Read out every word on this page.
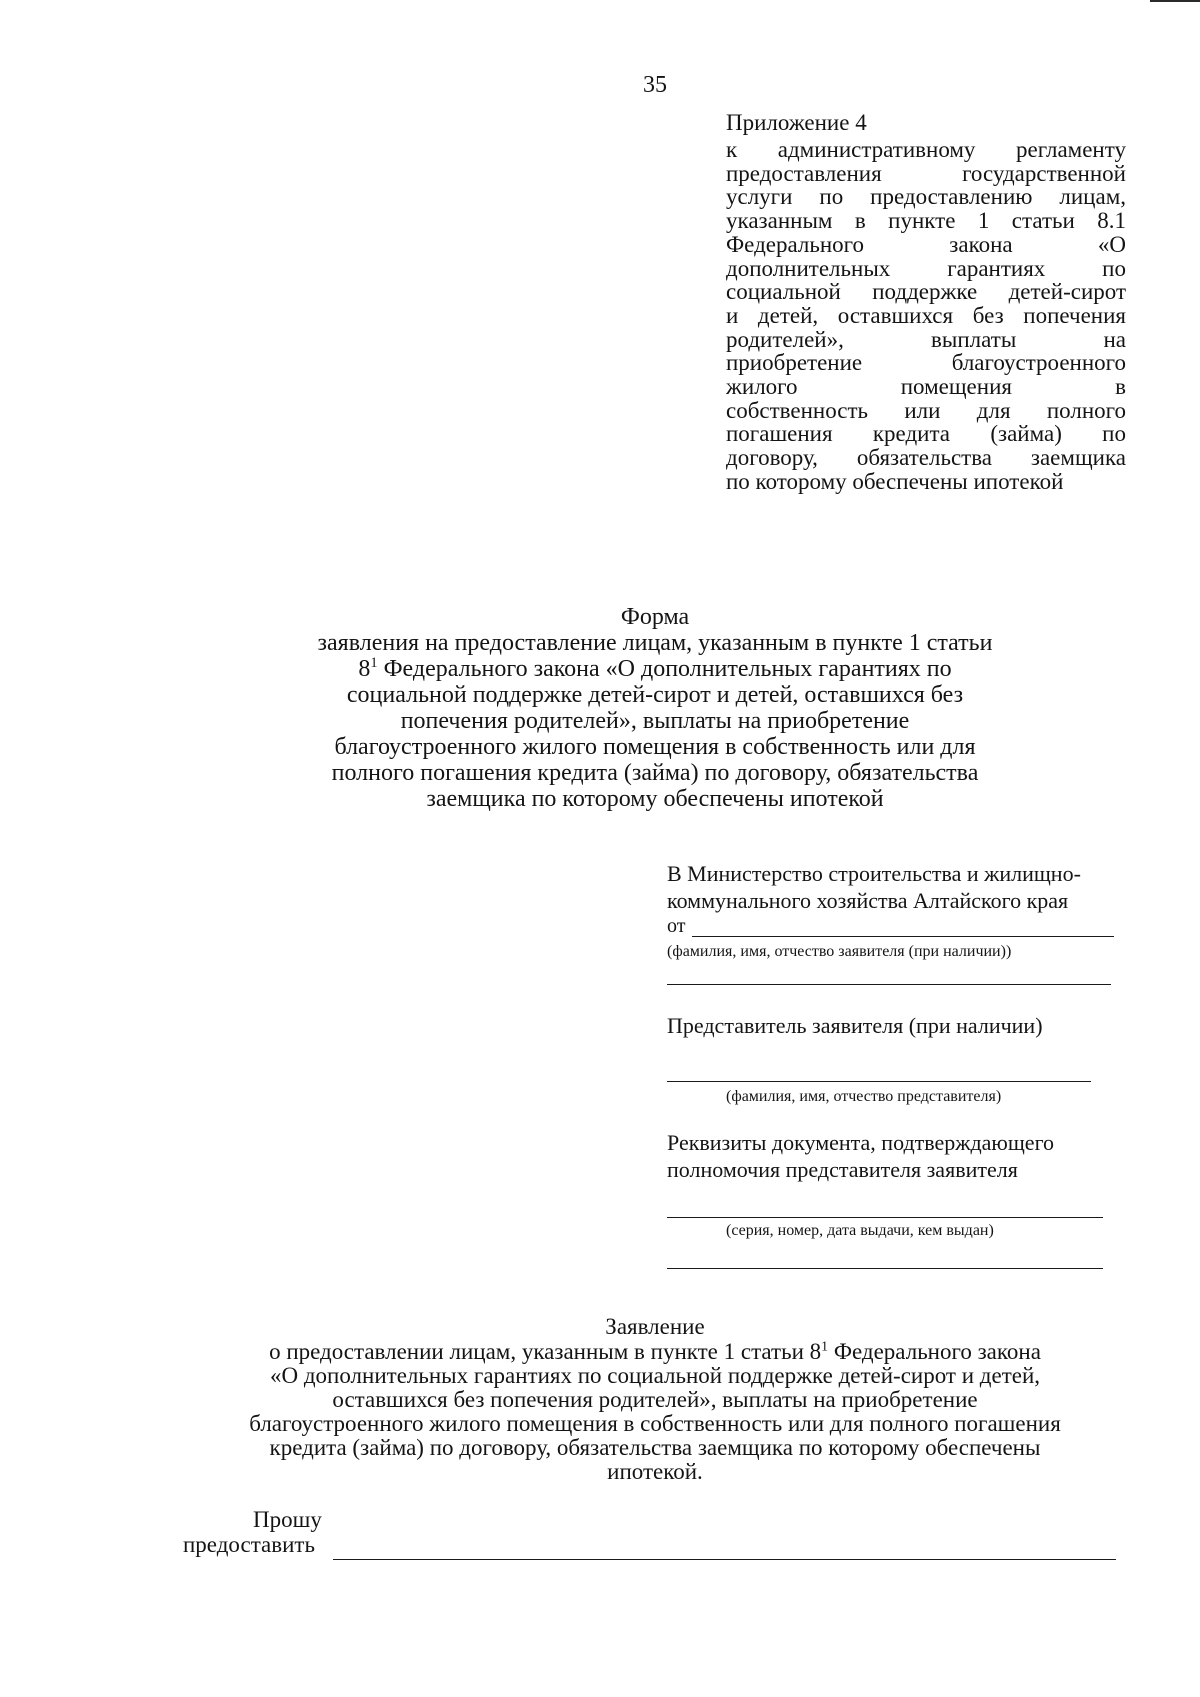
35
Приложение 4
к административному регламенту
предоставления государственной
услуги по предоставлению лицам,
указанным в пункте 1 статьи 8.1
Федерального закона «О
дополнительных гарантиях по
социальной поддержке детей-сирот
и детей, оставшихся без попечения
родителей», выплаты на
приобретение благоустроенного
жилого помещения в
собственность или для полного
погашения кредита (займа) по
договору, обязательства заемщика
по которому обеспечены ипотекой
Форма
заявления на предоставление лицам, указанным в пункте 1 статьи
$8^1$ Федерального закона «О дополнительных гарантиях по
социальной поддержке детей-сирот и детей, оставшихся без
попечения родителей», выплаты на приобретение
благоустроенного жилого помещения в собственность или для
полного погашения кредита (займа) по договору, обязательства
заемщика по которому обеспечены ипотекой
В Министерство строительства и жилищно-
коммунального хозяйства Алтайского края
от
(фамилия, имя, отчество заявителя (при наличии))
Представитель заявителя (при наличии)
(фамилия, имя, отчество представителя)
Реквизиты документа, подтверждающего
полномочия представителя заявителя
(серия, номер, дата выдачи, кем выдан)
Заявление
о предоставлении лицам, указанным в пункте 1 статьи $8^1$ Федерального закона
«О дополнительных гарантиях по социальной поддержке детей-сирот и детей,
оставшихся без попечения родителей», выплаты на приобретение
благоустроенного жилого помещения в собственность или для полного погашения
кредита (займа) по договору, обязательства заемщика по которому обеспечены
ипотекой.
Прошу
предоставить
